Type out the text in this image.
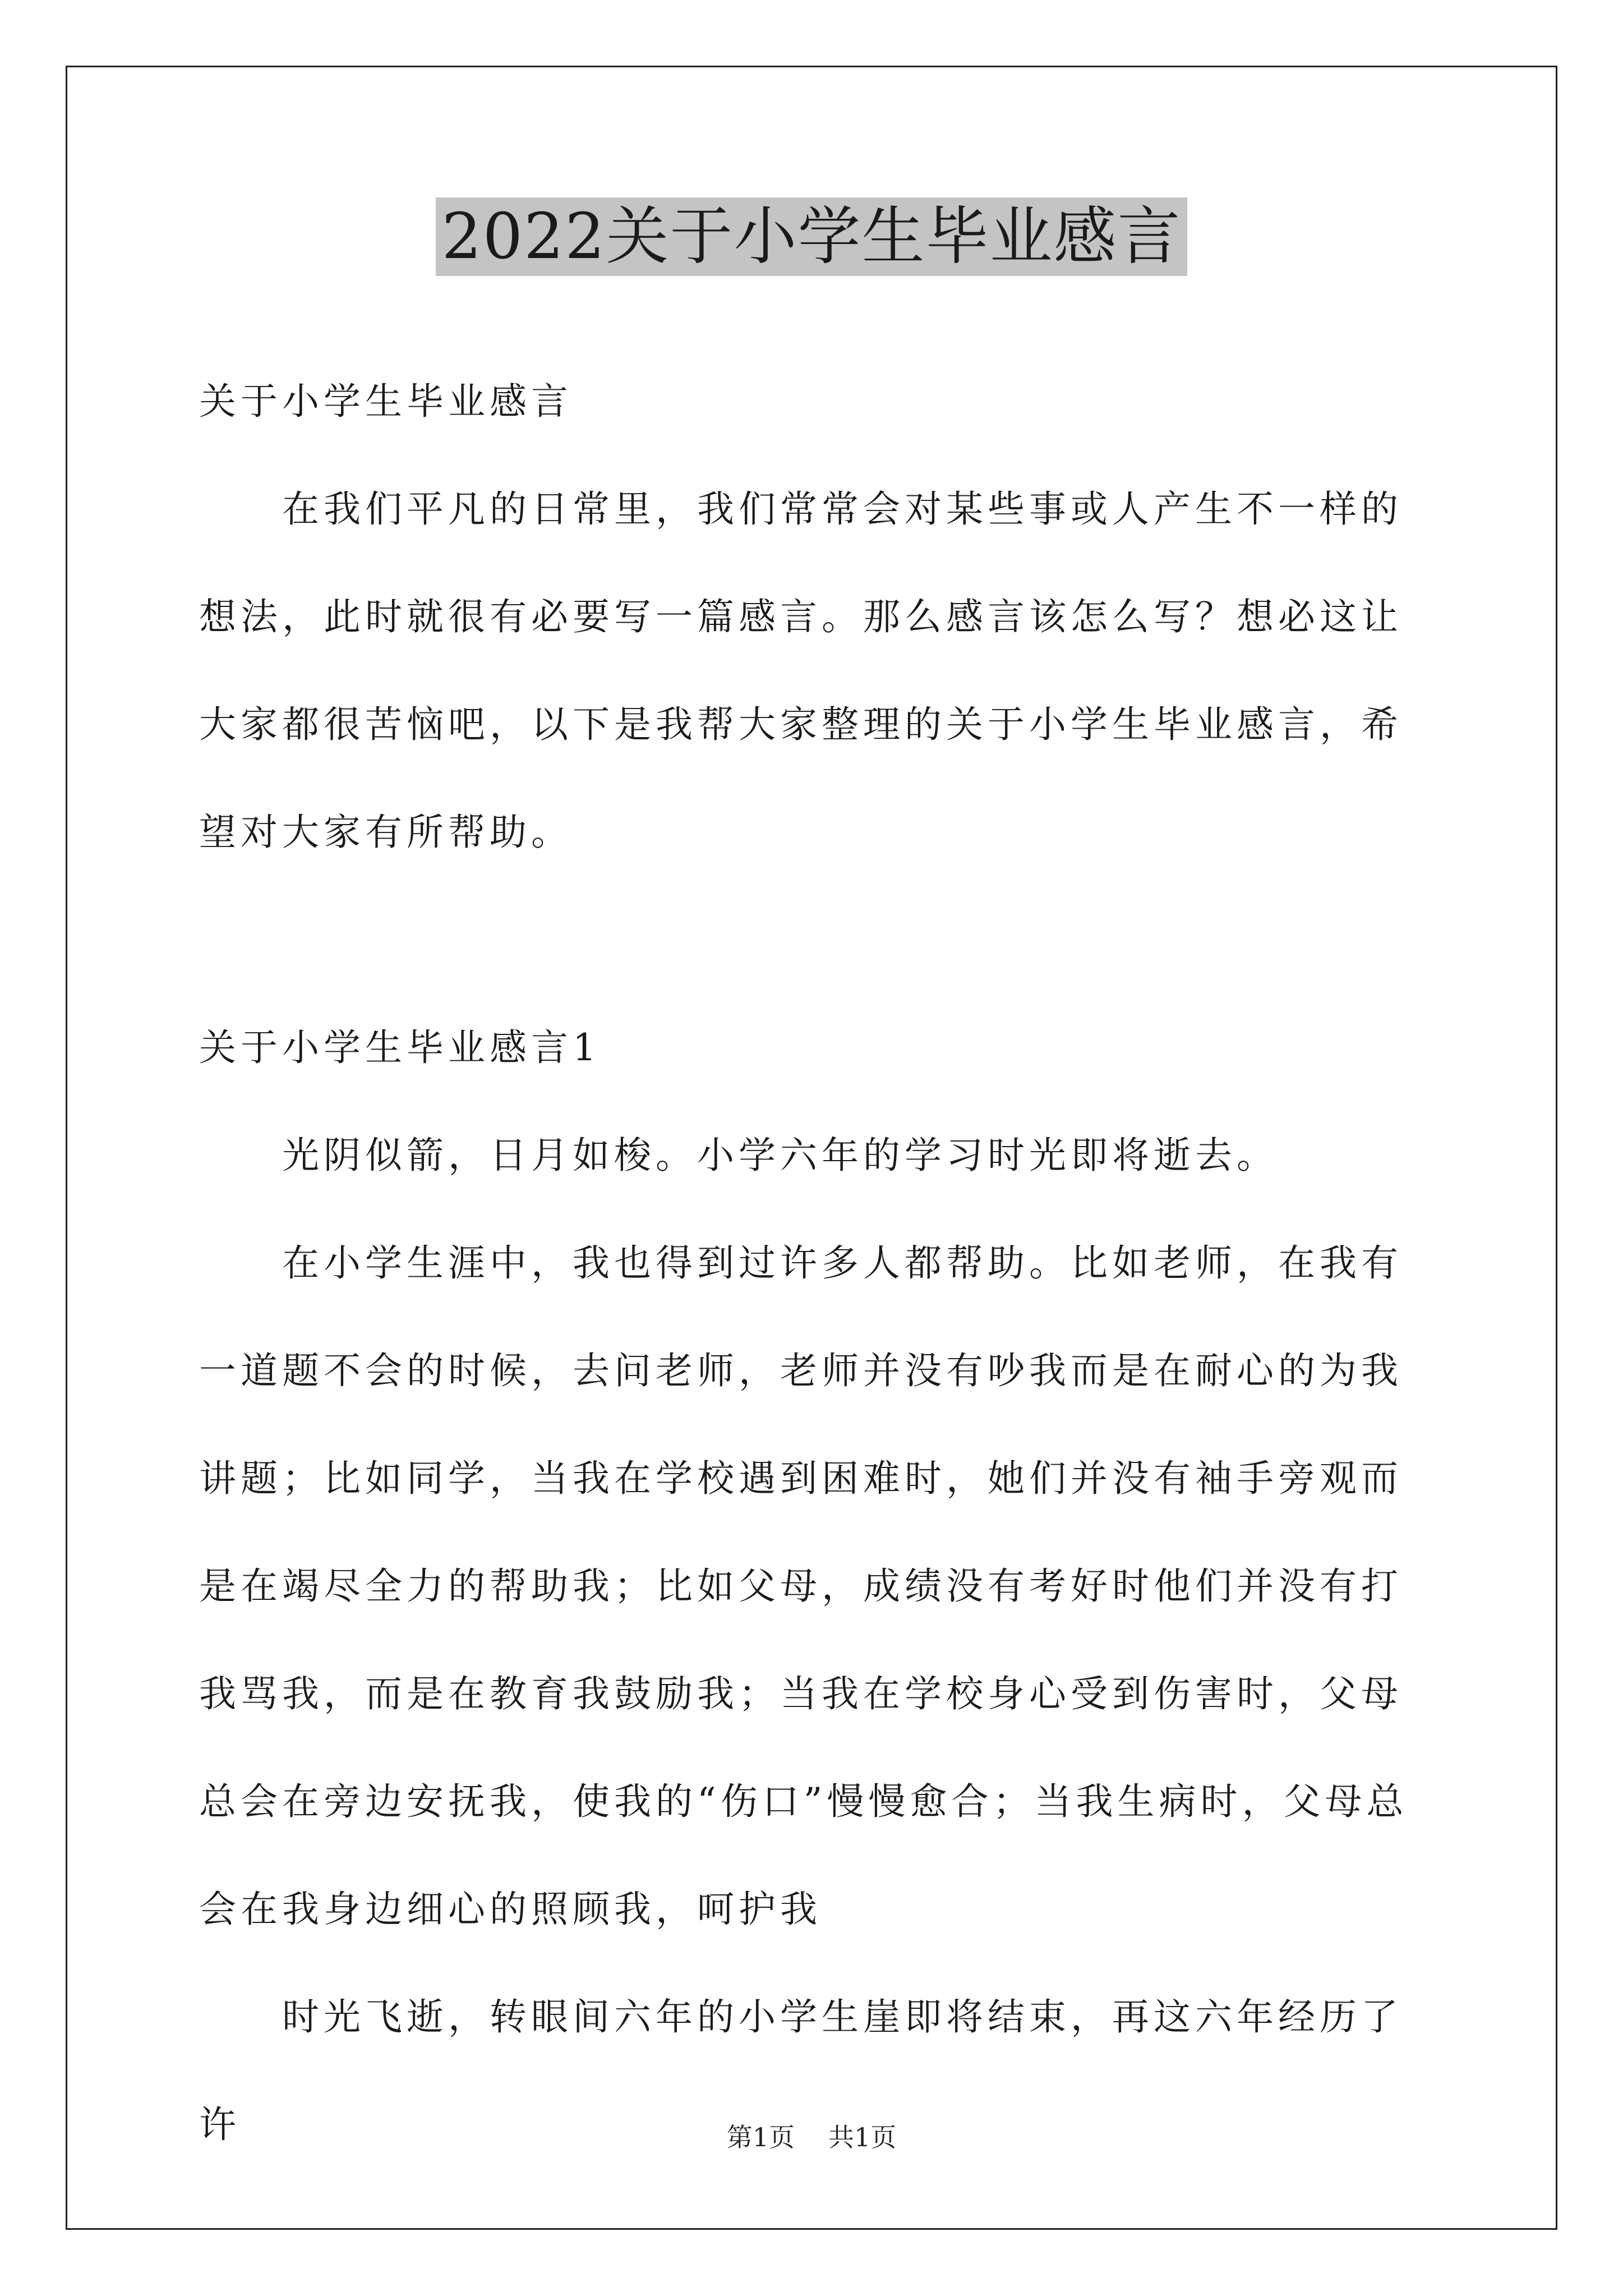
2022关于小学生毕业感言

关于小学生毕业感言

在我们平凡的日常里，我们常常会对某些事或人产生不一样的想法，此时就很有必要写一篇感言。那么感言该怎么写？想必这让大家都很苦恼吧，以下是我帮大家整理的关于小学生毕业感言，希望对大家有所帮助。

关于小学生毕业感言1

光阴似箭，日月如梭。小学六年的学习时光即将逝去。

在小学生涯中，我也得到过许多人都帮助。比如老师，在我有一道题不会的时候，去问老师，老师并没有吵我而是在耐心的为我讲题；比如同学，当我在学校遇到困难时，她们并没有袖手旁观而是在竭尽全力的帮助我；比如父母，成绩没有考好时他们并没有打我骂我，而是在教育我鼓励我；当我在学校身心受到伤害时，父母总会在旁边安抚我，使我的“伤口”慢慢愈合；当我生病时，父母总会在我身边细心的照顾我，呵护我

时光飞逝，转眼间六年的小学生崖即将结束，再这六年经历了许	第1页 共1页
